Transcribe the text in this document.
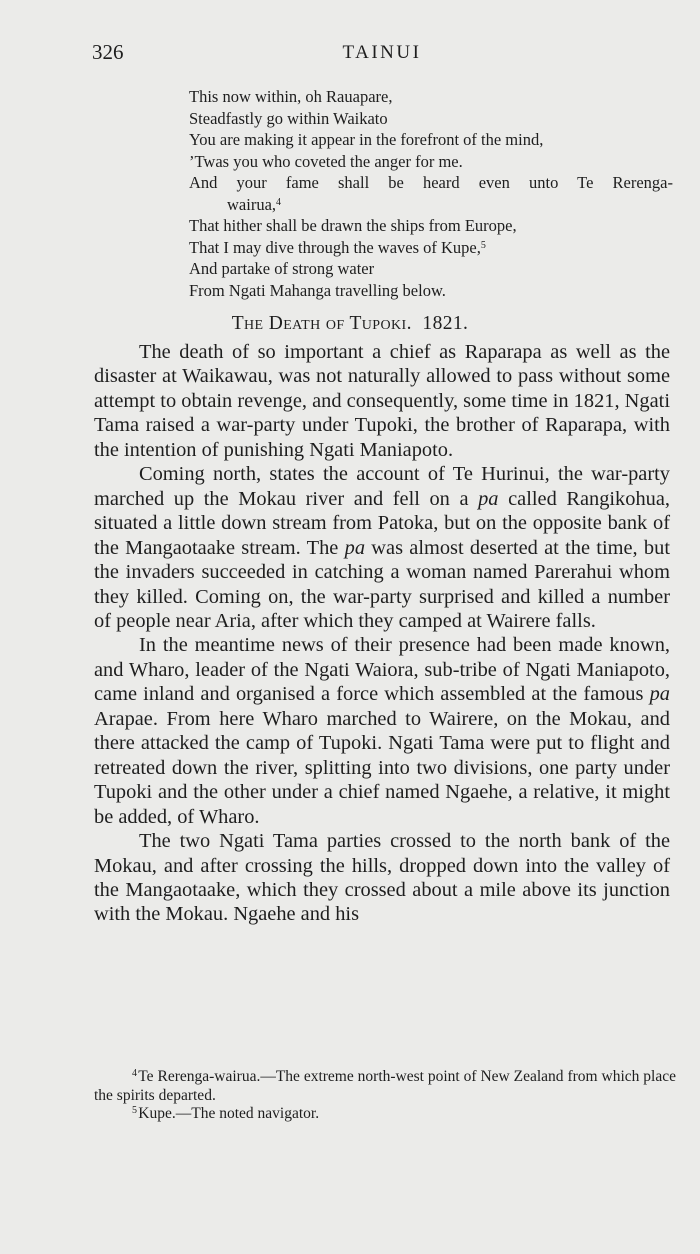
326	TAINUI
This now within, oh Rauapare,
Steadfastly go within Waikato
You are making it appear in the forefront of the mind,
’Twas you who coveted the anger for me.
And your fame shall be heard even unto Te Rerenga-
wairua,$^4$
That hither shall be drawn the ships from Europe,
That I may dive through the waves of Kupe,$^5$
And partake of strong water
From Ngati Mahanga travelling below.
The Death of Tupoki. 1821.

The death of so important a chief as Raparapa as well as the disaster at Waikawau, was not naturally allowed to pass without some attempt to obtain revenge, and consequently, some time in 1821, Ngati Tama raised a war-party under Tupoki, the brother of Raparapa, with the intention of punishing Ngati Maniapoto.

Coming north, states the account of Te Hurinui, the war-party marched up the Mokau river and fell on a pa called Rangikohua, situated a little down stream from Patoka, but on the opposite bank of the Mangaotaake stream. The pa was almost deserted at the time, but the invaders succeeded in catching a woman named Parerahui whom they killed. Coming on, the war-party surprised and killed a number of people near Aria, after which they camped at Wairere falls.

In the meantime news of their presence had been made known, and Wharo, leader of the Ngati Waiora, sub-tribe of Ngati Maniapoto, came inland and organised a force which assembled at the famous pa Arapae. From here Wharo marched to Wairere, on the Mokau, and there attacked the camp of Tupoki. Ngati Tama were put to flight and retreated down the river, splitting into two divisions, one party under Tupoki and the other under a chief named Ngaehe, a relative, it might be added, of Wharo.

The two Ngati Tama parties crossed to the north bank of the Mokau, and after crossing the hills, dropped down into the valley of the Mangaotaake, which they crossed about a mile above its junction with the Mokau. Ngaehe and his

$^4$ Te Rerenga-wairua.—The extreme north-west point of New Zealand from which place the spirits departed.

$^5$ Kupe.—The noted navigator.
